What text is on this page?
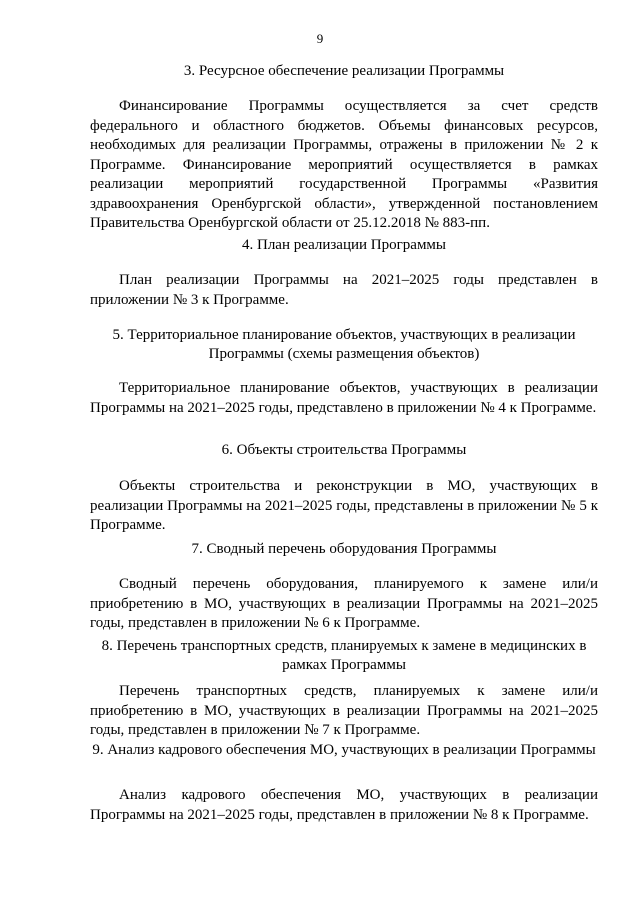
9
3. Ресурсное обеспечение реализации Программы
Финансирование Программы осуществляется за счет средств федерального и областного бюджетов. Объемы финансовых ресурсов, необходимых для реализации Программы, отражены в приложении № 2 к Программе. Финансирование мероприятий осуществляется в рамках реализации мероприятий государственной Программы «Развития здравоохранения Оренбургской области», утвержденной постановлением Правительства Оренбургской области от 25.12.2018 № 883-пп.
4. План реализации Программы
План реализации Программы на 2021–2025 годы представлен в приложении № 3 к Программе.
5. Территориальное планирование объектов, участвующих в реализации Программы (схемы размещения объектов)
Территориальное планирование объектов, участвующих в реализации Программы на 2021–2025 годы, представлено в приложении № 4 к Программе.
6. Объекты строительства Программы
Объекты строительства и реконструкции в МО, участвующих в реализации Программы на 2021–2025 годы, представлены в приложении № 5 к Программе.
7. Сводный перечень оборудования Программы
Сводный перечень оборудования, планируемого к замене или/и приобретению в МО, участвующих в реализации Программы на 2021–2025 годы, представлен в приложении № 6 к Программе.
8. Перечень транспортных средств, планируемых к замене в медицинских в рамках Программы
Перечень транспортных средств, планируемых к замене или/и приобретению в МО, участвующих в реализации Программы на 2021–2025 годы, представлен в приложении № 7 к Программе.
9. Анализ кадрового обеспечения МО, участвующих в реализации Программы
Анализ кадрового обеспечения МО, участвующих в реализации Программы на 2021–2025 годы, представлен в приложении № 8 к Программе.
